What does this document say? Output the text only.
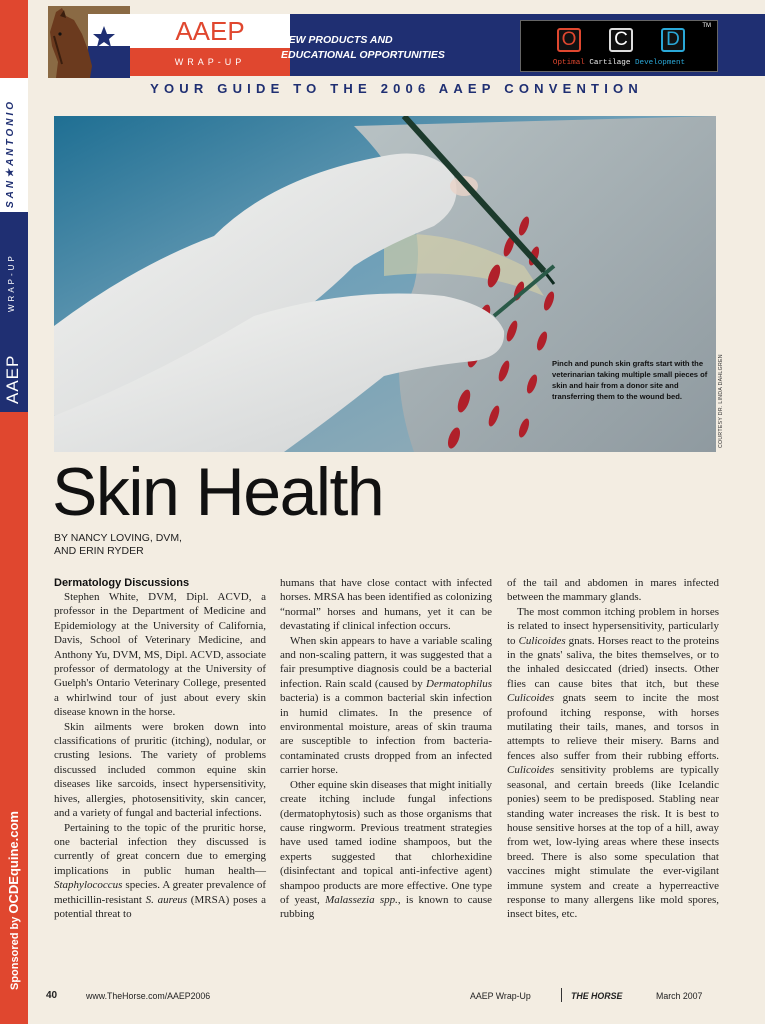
SAN★ANTONIO
WRAP-UP
AAEP
Sponsored by OCDEquine.com
AAEP
WRAP-UP
NEW PRODUCTS AND
EDUCATIONAL OPPORTUNITIES
O C D
TM
Optimal Cartilage Development
YOUR GUIDE TO THE 2006 AAEP CONVENTION
Pinch and punch skin grafts start with the veterinarian taking multiple small pieces of skin and hair from a donor site and transferring them to the wound bed.	COURTESY DR. LINDA DAHLGREN
Skin Health
BY NANCY LOVING, DVM,
AND ERIN RYDER
Dermatology Discussions

Stephen White, DVM, Dipl. ACVD, a professor in the Department of Medicine and Epidemiology at the University of California, Davis, School of Veterinary Medicine, and Anthony Yu, DVM, MS, Dipl. ACVD, associate professor of dermatology at the University of Guelph's Ontario Veterinary College, presented a whirlwind tour of just about every skin disease known in the horse.

Skin ailments were broken down into classifications of pruritic (itching), nodular, or crusting lesions. The variety of problems discussed included common equine skin diseases like sarcoids, insect hypersensitivity, hives, allergies, photosensitivity, skin cancer, and a variety of fungal and bacterial infections.

Pertaining to the topic of the pruritic horse, one bacterial infection they discussed is currently of great concern due to emerging implications in public human health—Staphylococcus species. A greater prevalence of methicillin-resistant S. aureus (MRSA) poses a potential threat to

humans that have close contact with infected horses. MRSA has been identified as colonizing “normal” horses and humans, yet it can be devastating if clinical infection occurs.

When skin appears to have a variable scaling and non-scaling pattern, it was suggested that a fair presumptive diagnosis could be a bacterial infection. Rain scald (caused by Dermatophilus bacteria) is a common bacterial skin infection in humid climates. In the presence of environmental moisture, areas of skin trauma are susceptible to infection from bacteria-contaminated crusts dropped from an infected carrier horse.

Other equine skin diseases that might initially create itching include fungal infections (dermatophytosis) such as those organisms that cause ringworm. Previous treatment strategies have used tamed iodine shampoos, but the experts suggested that chlorhexidine (disinfectant and topical anti-infective agent) shampoo products are more effective. One type of yeast, Malassezia spp., is known to cause rubbing

of the tail and abdomen in mares infected between the mammary glands.

The most common itching problem in horses is related to insect hypersensitivity, particularly to Culicoides gnats. Horses react to the proteins in the gnats' saliva, the bites themselves, or to the inhaled desiccated (dried) insects. Other flies can cause bites that itch, but these Culicoides gnats seem to incite the most profound itching response, with horses mutilating their tails, manes, and torsos in attempts to relieve their misery. Barns and fences also suffer from their rubbing efforts. Culicoides sensitivity problems are typically seasonal, and certain breeds (like Icelandic ponies) seem to be predisposed. Stabling near standing water increases the risk. It is best to house sensitive horses at the top of a hill, away from wet, low-lying areas where these insects breed. There is also some speculation that vaccines might stimulate the ever-vigilant immune system and create a hyperreactive response to many allergens like mold spores, insect bites, etc.

40	www.TheHorse.com/AAEP2006	AAEP Wrap-Up	THE HORSE	March 2007
